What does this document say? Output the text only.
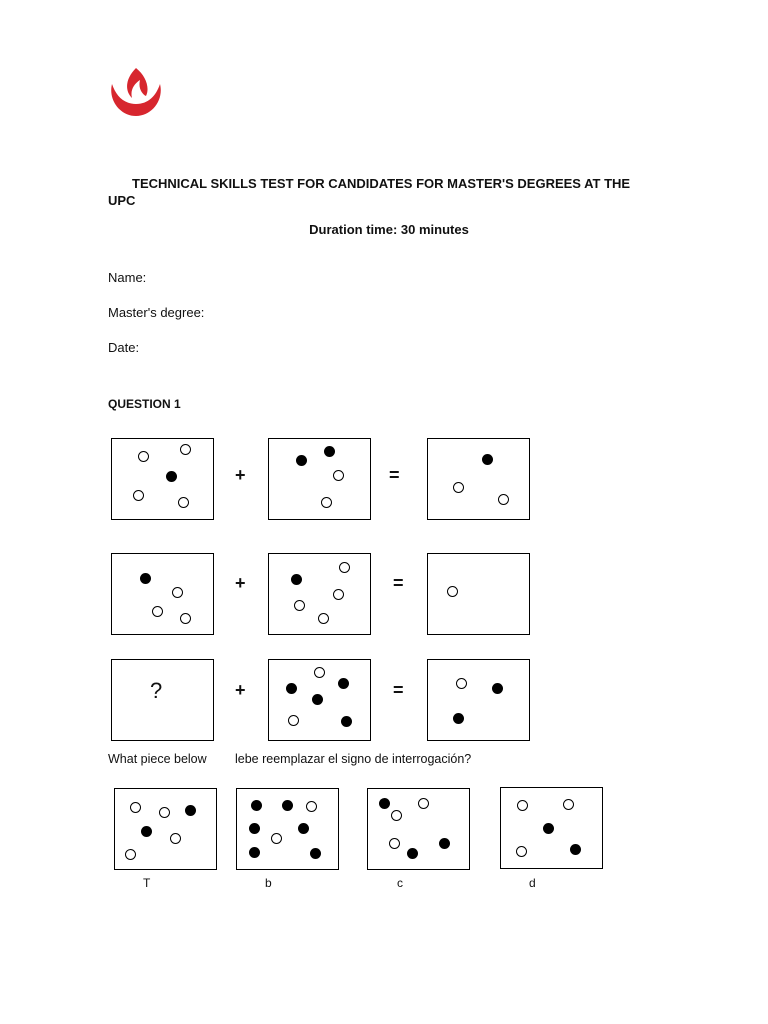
TECHNICAL SKILLS TEST FOR CANDIDATES FOR MASTER'S DEGREES AT THE UPC
Duration time: 30 minutes
Name:
Master's degree:
Date:
QUESTION 1
+	=
+	=
?	+	=
What piece below lebe reemplazar el signo de interrogación?
T	b	c	d
